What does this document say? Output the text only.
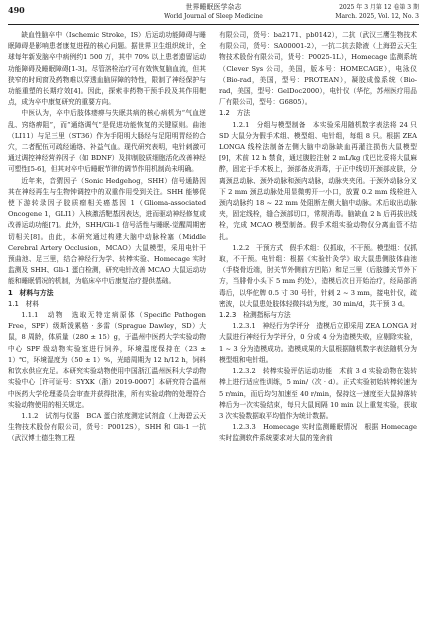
490	世界睡眠医学杂志
World Journal of Sleep Medicine
2025 年 3 月第 12 卷第 3 期
March. 2025, Vol. 12, No. 3

缺血性脑卒中（Ischemic Stroke，IS）后运动功能障碍与睡眠障碍是影响患者康复进程的核心问题。据世界卫生组织统计，全球每年新发脑卒中病例约1 500 万，其中 70% 以上患者遗留运动功能障碍及睡眠障碍[1-3]。尽管溶栓治疗可有效恢复脑血流，但其狭窄的时间窗及药物难以穿透血脑屏障的特性，限制了神经保护与功能重塑的长期疗效[4]。因此，探索非药物干预手段及其作用靶点，成为卒中康复研究的重要方向。

中医认为，卒中后肢体痿痹与失眠共病的核心病机为“气血逆乱、窍络痹阻”，而“通络调气”是促进功能恢复的关键原则。曲池（LI11）与足三里（ST36）作为手阳明大肠经与足阳明胃经的合穴，二者配伍可疏经通络、补益气血。现代研究表明，电针刺激可通过调控神经营养因子（如 BDNF）及抑制胶质细胞活化改善神经可塑性[5-6]，但其对卒中后睡眠节律的调节作用机制尚未明确。

近年来，音猬因子（Sonic Hedgehog，SHH）信号通路因其在神经再生与生物钟调控中的双重作用受到关注。SHH 能够促使下游转录因子胶质瘤相关癌基因 1（Glioma-associated Oncogene 1，GLI1）入核激活靶基因表达，进而驱动神经修复或改善运动功能[7]。此外，SHH/Gli-1 信号活性与睡眠-觉醒周期密切相关[8]。由此，本研究通过构建大脑中动脉栓塞（Middle Cerebral Artery Occlusion，MCAO）大鼠模型，采用电针干预曲池、足三里，结合神经行为学、转棒实验、Homecage 实时监测及 SHH、Gli-1 蛋白检测，研究电针改善 MCAO 大鼠运动功能和睡眠情况的机制，为临床卒中后康复治疗提供基础。

1　材料与方法

1.1　材料

1.1.1　动物　选取无特定病原体（Specific Pathogen Free，SPF）级斯泼累格 · 多雷（Sprague Dawley，SD）大鼠，8 周龄，体质量（280 ± 15）g，于温州中医药大学实验动物中心 SPF 级动物实验室进行饲养，环境温度保持在（23 ± 1）℃，环境湿度为（50 ± 1）%，光暗周期为 12 h/12 h，饲料和饮水供应充足。本研究实验动物使用中国浙江温州医科大学动物实验中心［许可证号：SYXK（浙）2019-0007］本研究符合温州中医药大学伦理委员会审查并获得批准，所有实验动物的处理符合实验动物使用的相关规定。

1.1.2　试剂与仪器　BCA 蛋白浓度测定试剂盒（上海碧云天生物技术股份有限公司，货号：P0012S），SHH 和 Gli-1 一抗（武汉博士德生物工程

有限公司，货号：ba2171、pb0142），二抗（武汉三鹰生物技术有限公司，货号：SA00001-2），一抗二抗去除液（上海碧云天生物技术股份有限公司，货号：P0025-1L），Homecage 监测系统（Clever Sys 公司，美国，版本号：HOMECAGE），电泳仪（Bio-rad，美国，型号：PROTEAN），凝胶成像系统（Bio-rad，美国，型号：GelDoc2000），电针仪（华佗，苏州医疗用品厂有限公司，型号：G6805）。

1.2　方法

1.2.1　分组与模型制备　本实验采用随机数字表法将 24 只 SD 大鼠分为假手术组、模型组、电针组，每组 8 只。根据 ZEA LONGA 线栓法制备左侧大脑中动脉缺血再灌注损伤大鼠模型[9]，术前 12 h 禁食，通过腹腔注射 2 mL/kg 戊巴比妥将大鼠麻醉，固定于手术板上，颈部备皮消毒，于正中线切开颈部皮肤，分离颈总动脉、颈外动脉和颈内动脉，动脉夹夹闭。于颈外动脉分叉下 2 mm 颈总动脉处用显微剪开一小口，放置 0.2 mm 线栓进入颈内动脉约 18 ~ 22 mm 处阻断左侧大脑中动脉。术后取出动脉夹，固定线栓，缝合颈部切口，常规消毒。脑缺血 2 h 后再拔出线栓，完成 MCAO 模型制备。假手术组实验动物仅分离血管不结扎。

1.2.2　干预方式　假手术组：仅抓取，不干预。模型组：仅抓取，不干预。电针组：根据《实验针灸学》取大鼠患侧肢体曲池（手桡骨近端，肘关节外侧前方凹陷）和足三里（后肢膝关节外下方，当腓骨小头下 5 mm 约处），造模后次日开始治疗，经局部消毒后，以华佗牌 0.5 寸 30 号针，针刺 2 ~ 3 mm，接电针仪，疏密波，以大鼠患处肢体轻微抖动为度，30 min/d，共干预 3 d。

1.2.3　检测指标与方法

1.2.3.1　神经行为学评分　造模后立即采用 ZEA LONGA 对大鼠进行神经行为学评分，0 分或 4 分为造模失败，应剔除实验，1 ~ 3 分为造模成功。造模成果的大鼠根据随机数字表法随机分为模型组和电针组。

1.2.3.2　转棒实验评估运动功能　术前 3 d 实验动物在装转棒上进行适应性训练，5 min/（次 · d）。正式实验初始转棒转速为 5 r/min，而后均匀加速至 40 r/min，保持这一速度至大鼠掉落转棒后为一次实验结束，每只大鼠间隔 10 min 以上重复实验，获取 3 次实验数据取平均值作为统计数据。

1.2.3.3　Homecage 实时监测睡眠情况　根据 Homecage 实时监测软件系统要求对大鼠的笼舍前
